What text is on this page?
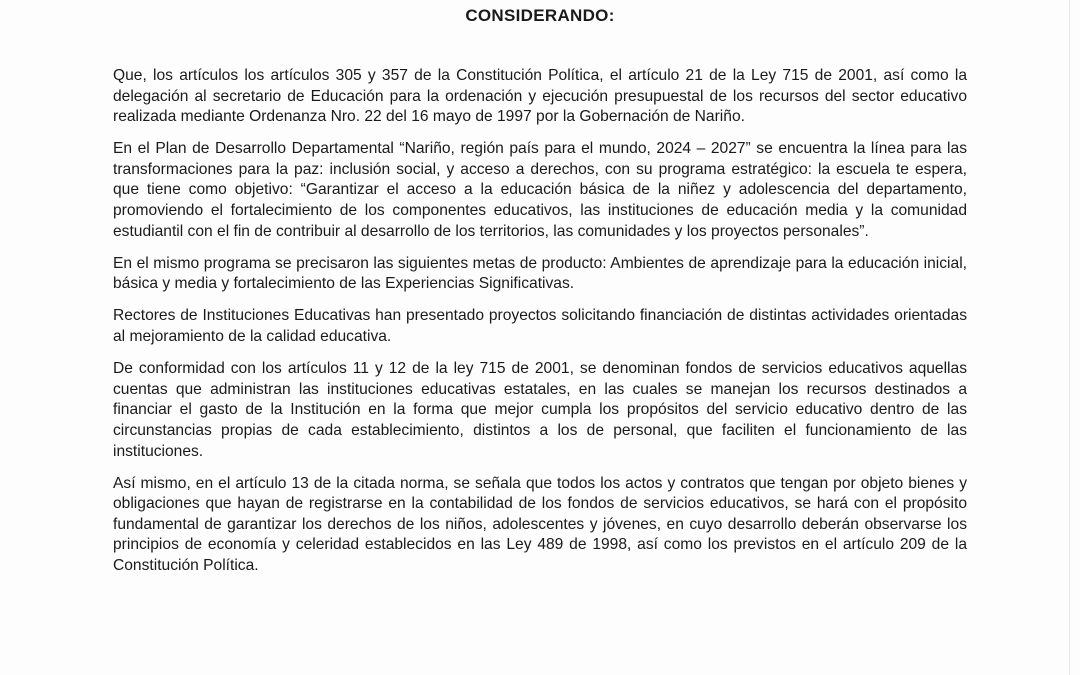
CONSIDERANDO:

Que, los artículos los artículos 305 y 357 de la Constitución Política, el artículo 21 de la Ley 715 de 2001, así como la delegación al secretario de Educación para la ordenación y ejecución presupuestal de los recursos del sector educativo realizada mediante Ordenanza Nro. 22 del 16 mayo de 1997 por la Gobernación de Nariño.

En el Plan de Desarrollo Departamental “Nariño, región país para el mundo, 2024 – 2027” se encuentra la línea para las transformaciones para la paz: inclusión social, y acceso a derechos, con su programa estratégico: la escuela te espera, que tiene como objetivo: “Garantizar el acceso a la educación básica de la niñez y adolescencia del departamento, promoviendo el fortalecimiento de los componentes educativos, las instituciones de educación media y la comunidad estudiantil con el fin de contribuir al desarrollo de los territorios, las comunidades y los proyectos personales”.

En el mismo programa se precisaron las siguientes metas de producto: Ambientes de aprendizaje para la educación inicial, básica y media y fortalecimiento de las Experiencias Significativas.

Rectores de Instituciones Educativas han presentado proyectos solicitando financiación de distintas actividades orientadas al mejoramiento de la calidad educativa.

De conformidad con los artículos 11 y 12 de la ley 715 de 2001, se denominan fondos de servicios educativos aquellas cuentas que administran las instituciones educativas estatales, en las cuales se manejan los recursos destinados a financiar el gasto de la Institución en la forma que mejor cumpla los propósitos del servicio educativo dentro de las circunstancias propias de cada establecimiento, distintos a los de personal, que faciliten el funcionamiento de las instituciones.

Así mismo, en el artículo 13 de la citada norma, se señala que todos los actos y contratos que tengan por objeto bienes y obligaciones que hayan de registrarse en la contabilidad de los fondos de servicios educativos, se hará con el propósito fundamental de garantizar los derechos de los niños, adolescentes y jóvenes, en cuyo desarrollo deberán observarse los principios de economía y celeridad establecidos en las Ley 489 de 1998, así como los previstos en el artículo 209 de la Constitución Política.
